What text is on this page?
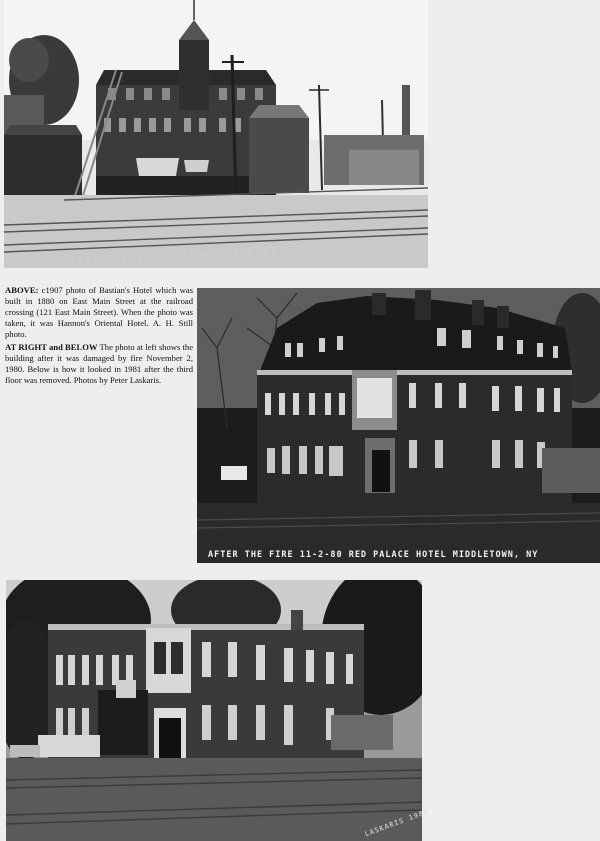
1907 A H Still Middletown NY

ABOVE: c1907 photo of Bastian's Hotel which was built in 1880 on East Main Street at the railroad crossing (121 East Main Street). When the photo was taken, it was Hannon's Oriental Hotel. A. H. Still photo.

AT RIGHT and BELOW The photo at left shows the building after it was damaged by fire November 2, 1980. Below is how it looked in 1981 after the third floor was removed. Photos by Peter Laskaris.

AFTER THE FIRE 11-2-80 RED PALACE HOTEL MIDDLETOWN, NY
LASKARIS 1981
